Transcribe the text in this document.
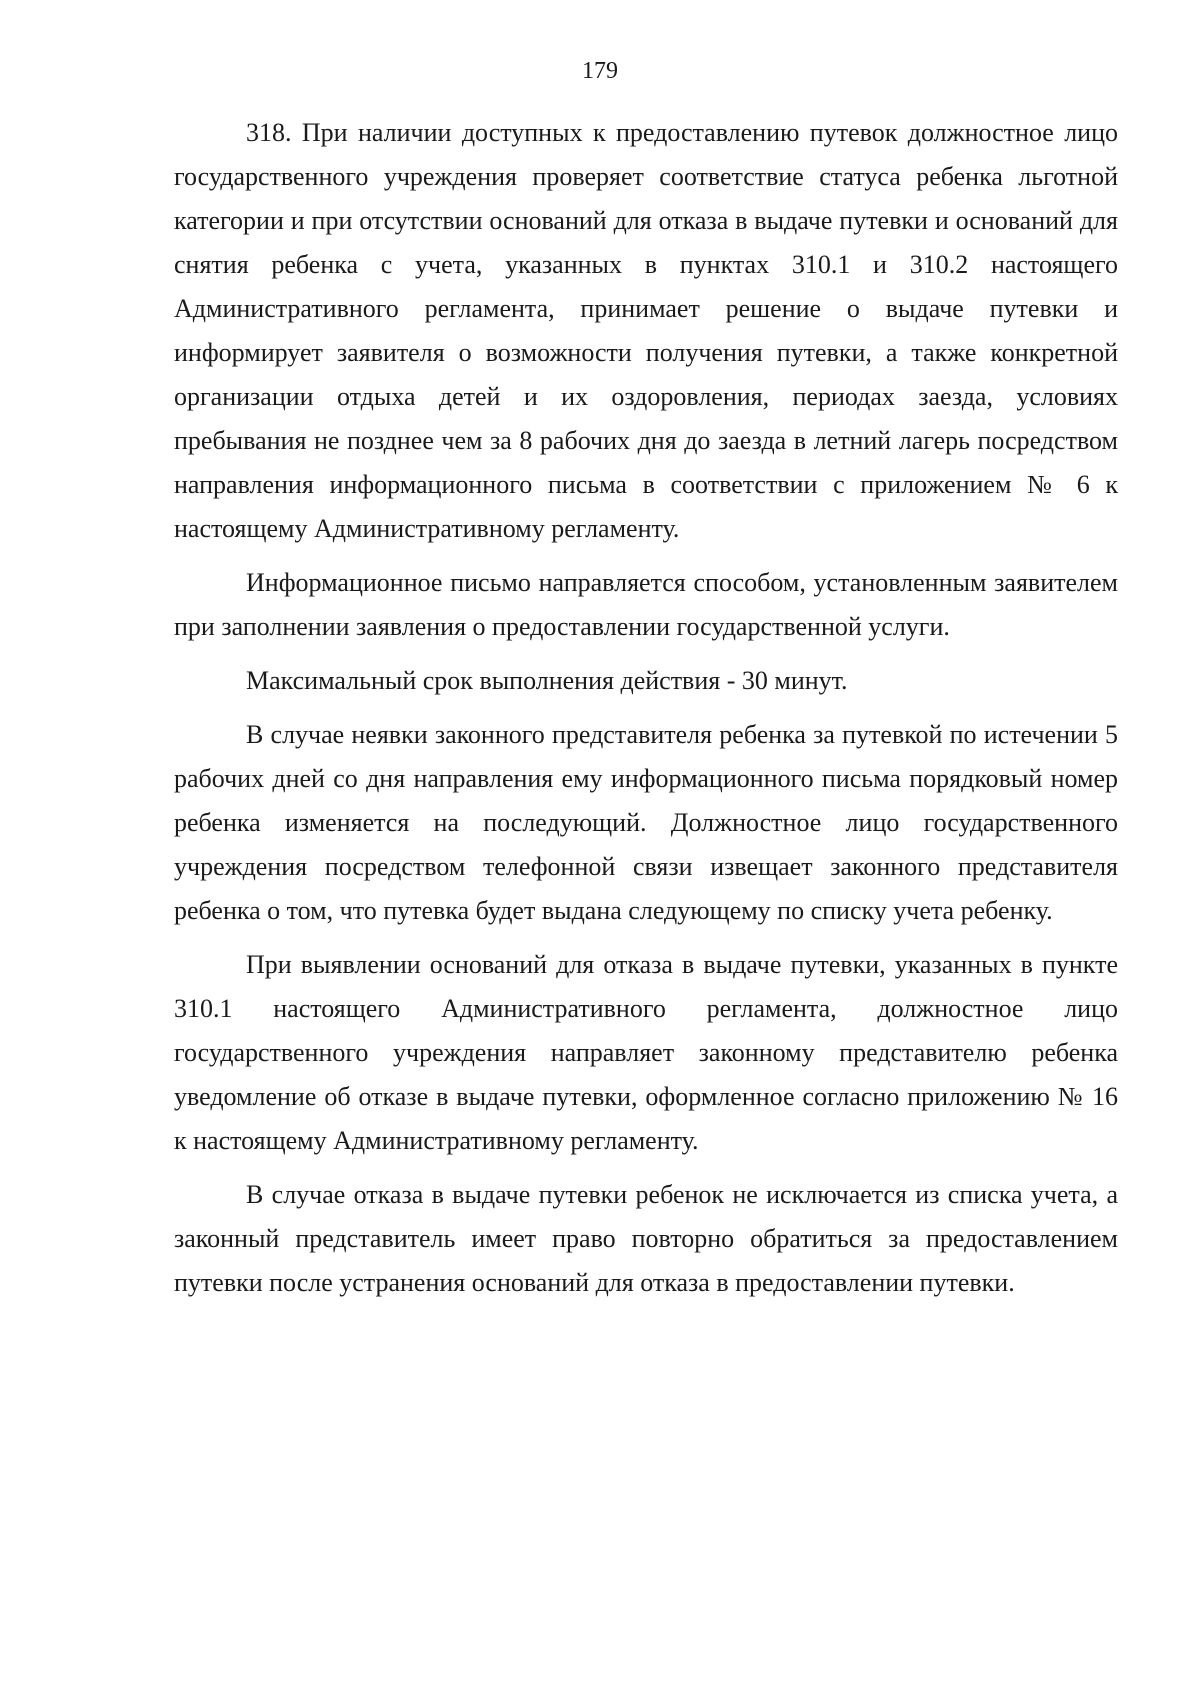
179

318. При наличии доступных к предоставлению путевок должностное лицо государственного учреждения проверяет соответствие статуса ребенка льготной категории и при отсутствии оснований для отказа в выдаче путевки и оснований для снятия ребенка с учета, указанных в пунктах 310.1 и 310.2 настоящего Административного регламента, принимает решение о выдаче путевки и информирует заявителя о возможности получения путевки, а также конкретной организации отдыха детей и их оздоровления, периодах заезда, условиях пребывания не позднее чем за 8 рабочих дня до заезда в летний лагерь посредством направления информационного письма в соответствии с приложением № 6 к настоящему Административному регламенту.

Информационное письмо направляется способом, установленным заявителем при заполнении заявления о предоставлении государственной услуги.

Максимальный срок выполнения действия - 30 минут.

В случае неявки законного представителя ребенка за путевкой по истечении 5 рабочих дней со дня направления ему информационного письма порядковый номер ребенка изменяется на последующий. Должностное лицо государственного учреждения посредством телефонной связи извещает законного представителя ребенка о том, что путевка будет выдана следующему по списку учета ребенку.

При выявлении оснований для отказа в выдаче путевки, указанных в пункте 310.1 настоящего Административного регламента, должностное лицо государственного учреждения направляет законному представителю ребенка уведомление об отказе в выдаче путевки, оформленное согласно приложению № 16 к настоящему Административному регламенту.

В случае отказа в выдаче путевки ребенок не исключается из списка учета, а законный представитель имеет право повторно обратиться за предоставлением путевки после устранения оснований для отказа в предоставлении путевки.
